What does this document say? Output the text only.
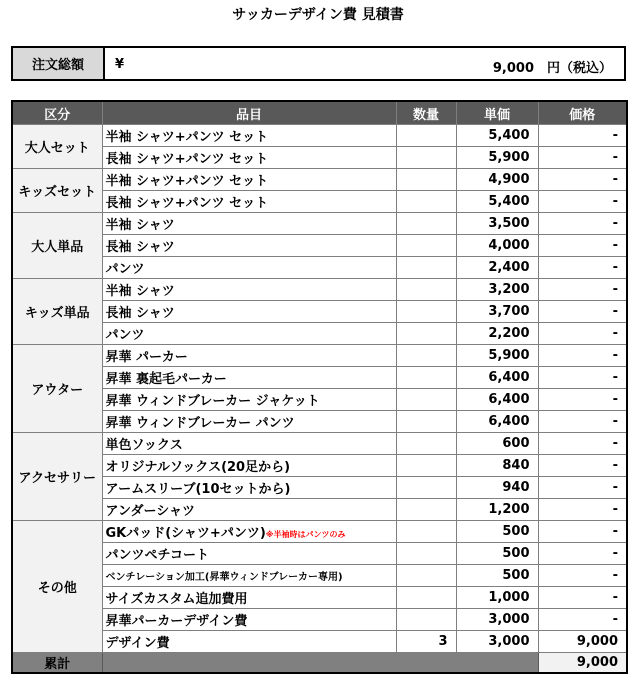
サッカーデザイン費 見積書
注文総額	¥	9,000　円（税込）
区分	品目	数量	単価	価格
大人セット	半袖 シャツ+パンツ セット		5,400	-
	長袖 シャツ+パンツ セット		5,900	-
キッズセット	半袖 シャツ+パンツ セット		4,900	-
	長袖 シャツ+パンツ セット		5,400	-
大人単品	半袖 シャツ		3,500	-
	長袖 シャツ		4,000	-
	パンツ		2,400	-
キッズ単品	半袖 シャツ		3,200	-
	長袖 シャツ		3,700	-
	パンツ		2,200	-
アウター	昇華 パーカー		5,900	-
	昇華 裏起毛パーカー		6,400	-
	昇華 ウィンドブレーカー ジャケット		6,400	-
	昇華 ウィンドブレーカー パンツ		6,400	-
アクセサリー	単色ソックス		600	-
	オリジナルソックス(20足から)		840	-
	アームスリーブ(10セットから)		940	-
	アンダーシャツ		1,200	-
その他	GKパッド(シャツ+パンツ)※半袖時はパンツのみ		500	-
	パンツペチコート		500	-
	ベンチレーション加工(昇華ウィンドブレーカー専用)		500	-
	サイズカスタム追加費用		1,000	-
	昇華パーカーデザイン費		3,000	-
	デザイン費	3	3,000	9,000
累計				9,000
